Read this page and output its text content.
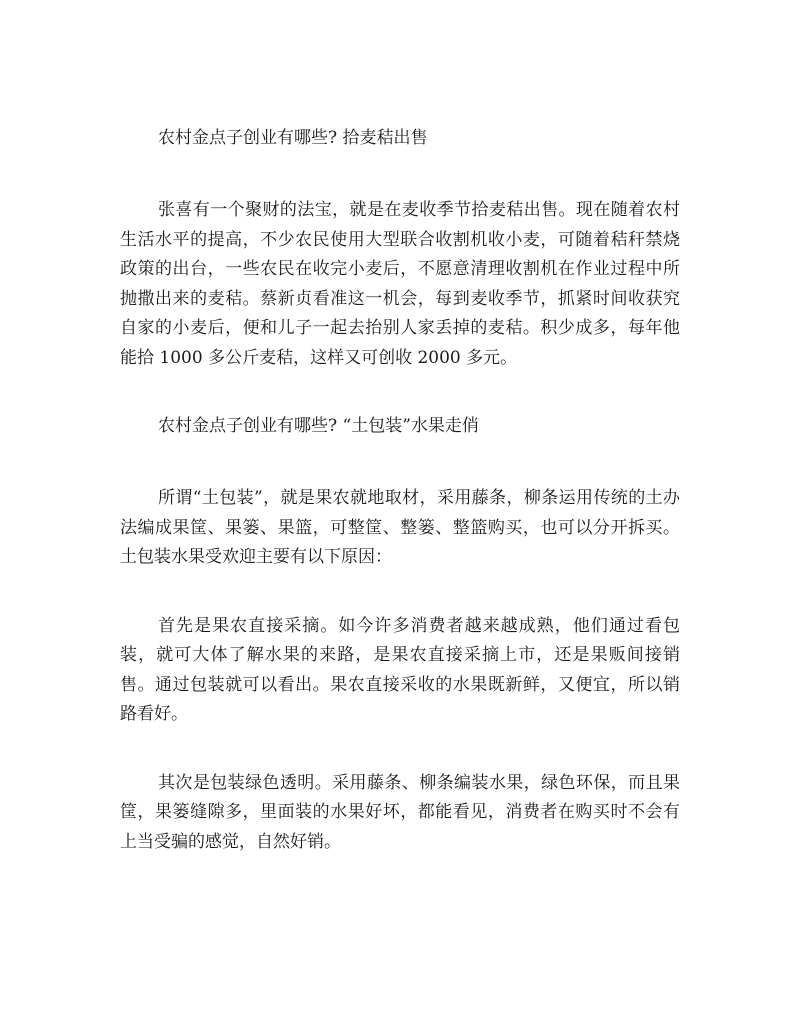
农村金点子创业有哪些? 拾麦秸出售

张喜有一个聚财的法宝，就是在麦收季节拾麦秸出售。现在随着农村生活水平的提高，不少农民使用大型联合收割机收小麦，可随着秸秆禁烧政策的出台，一些农民在收完小麦后，不愿意清理收割机在作业过程中所抛撒出来的麦秸。蔡新贞看准这一机会，每到麦收季节，抓紧时间收获究自家的小麦后，便和儿子一起去抬别人家丢掉的麦秸。积少成多，每年他能拾 1000 多公斤麦秸，这样又可创收 2000 多元。

农村金点子创业有哪些? “土包装”水果走俏

所谓“土包装”，就是果农就地取材，采用藤条，柳条运用传统的土办法编成果筐、果篓、果篮，可整筐、整篓、整篮购买，也可以分开拆买。土包装水果受欢迎主要有以下原因：

首先是果农直接采摘。如今许多消费者越来越成熟，他们通过看包装，就可大体了解水果的来路，是果农直接采摘上市，还是果贩间接销售。通过包装就可以看出。果农直接采收的水果既新鲜，又便宜，所以销路看好。

其次是包装绿色透明。采用藤条、柳条编装水果，绿色环保，而且果筐，果篓缝隙多，里面装的水果好坏，都能看见，消费者在购买时不会有上当受骗的感觉，自然好销。
